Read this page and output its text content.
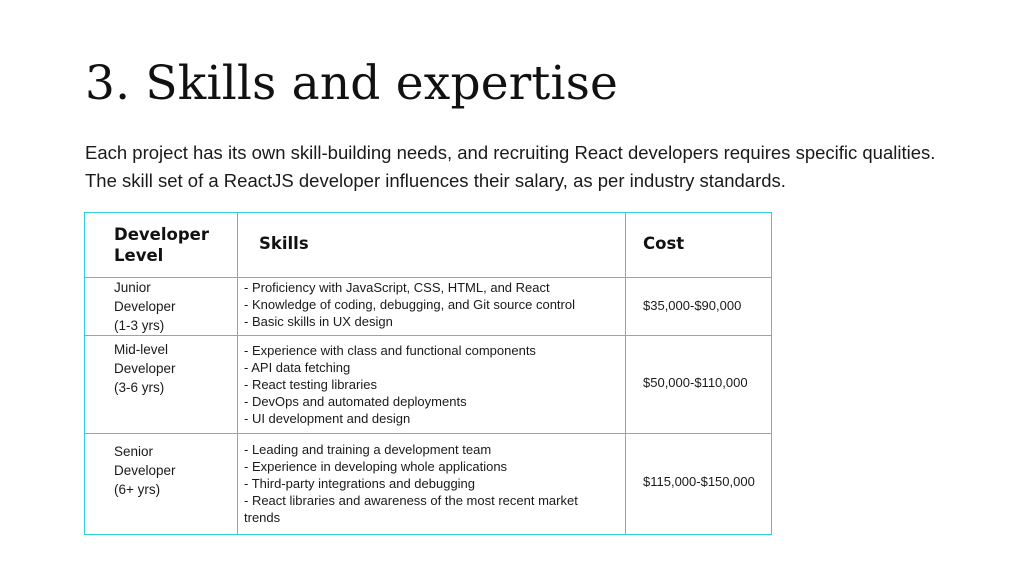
3. Skills and expertise

Each project has its own skill-building needs, and recruiting React developers requires specific qualities. The skill set of a ReactJS developer influences their salary, as per industry standards.

Developer
Level
Skills	Cost
Junior
Developer
(1-3 yrs)
- Proficiency with JavaScript, CSS, HTML, and React
- Knowledge of coding, debugging, and Git source control
- Basic skills in UX design
$35,000-$90,000
Mid-level
Developer
(3-6 yrs)
- Experience with class and functional components
- API data fetching
- React testing libraries
- DevOps and automated deployments
- UI development and design
$50,000-$110,000
Senior
Developer
(6+ yrs)
- Leading and training a development team
- Experience in developing whole applications
- Third-party integrations and debugging
- React libraries and awareness of the most recent market trends
$115,000-$150,000
